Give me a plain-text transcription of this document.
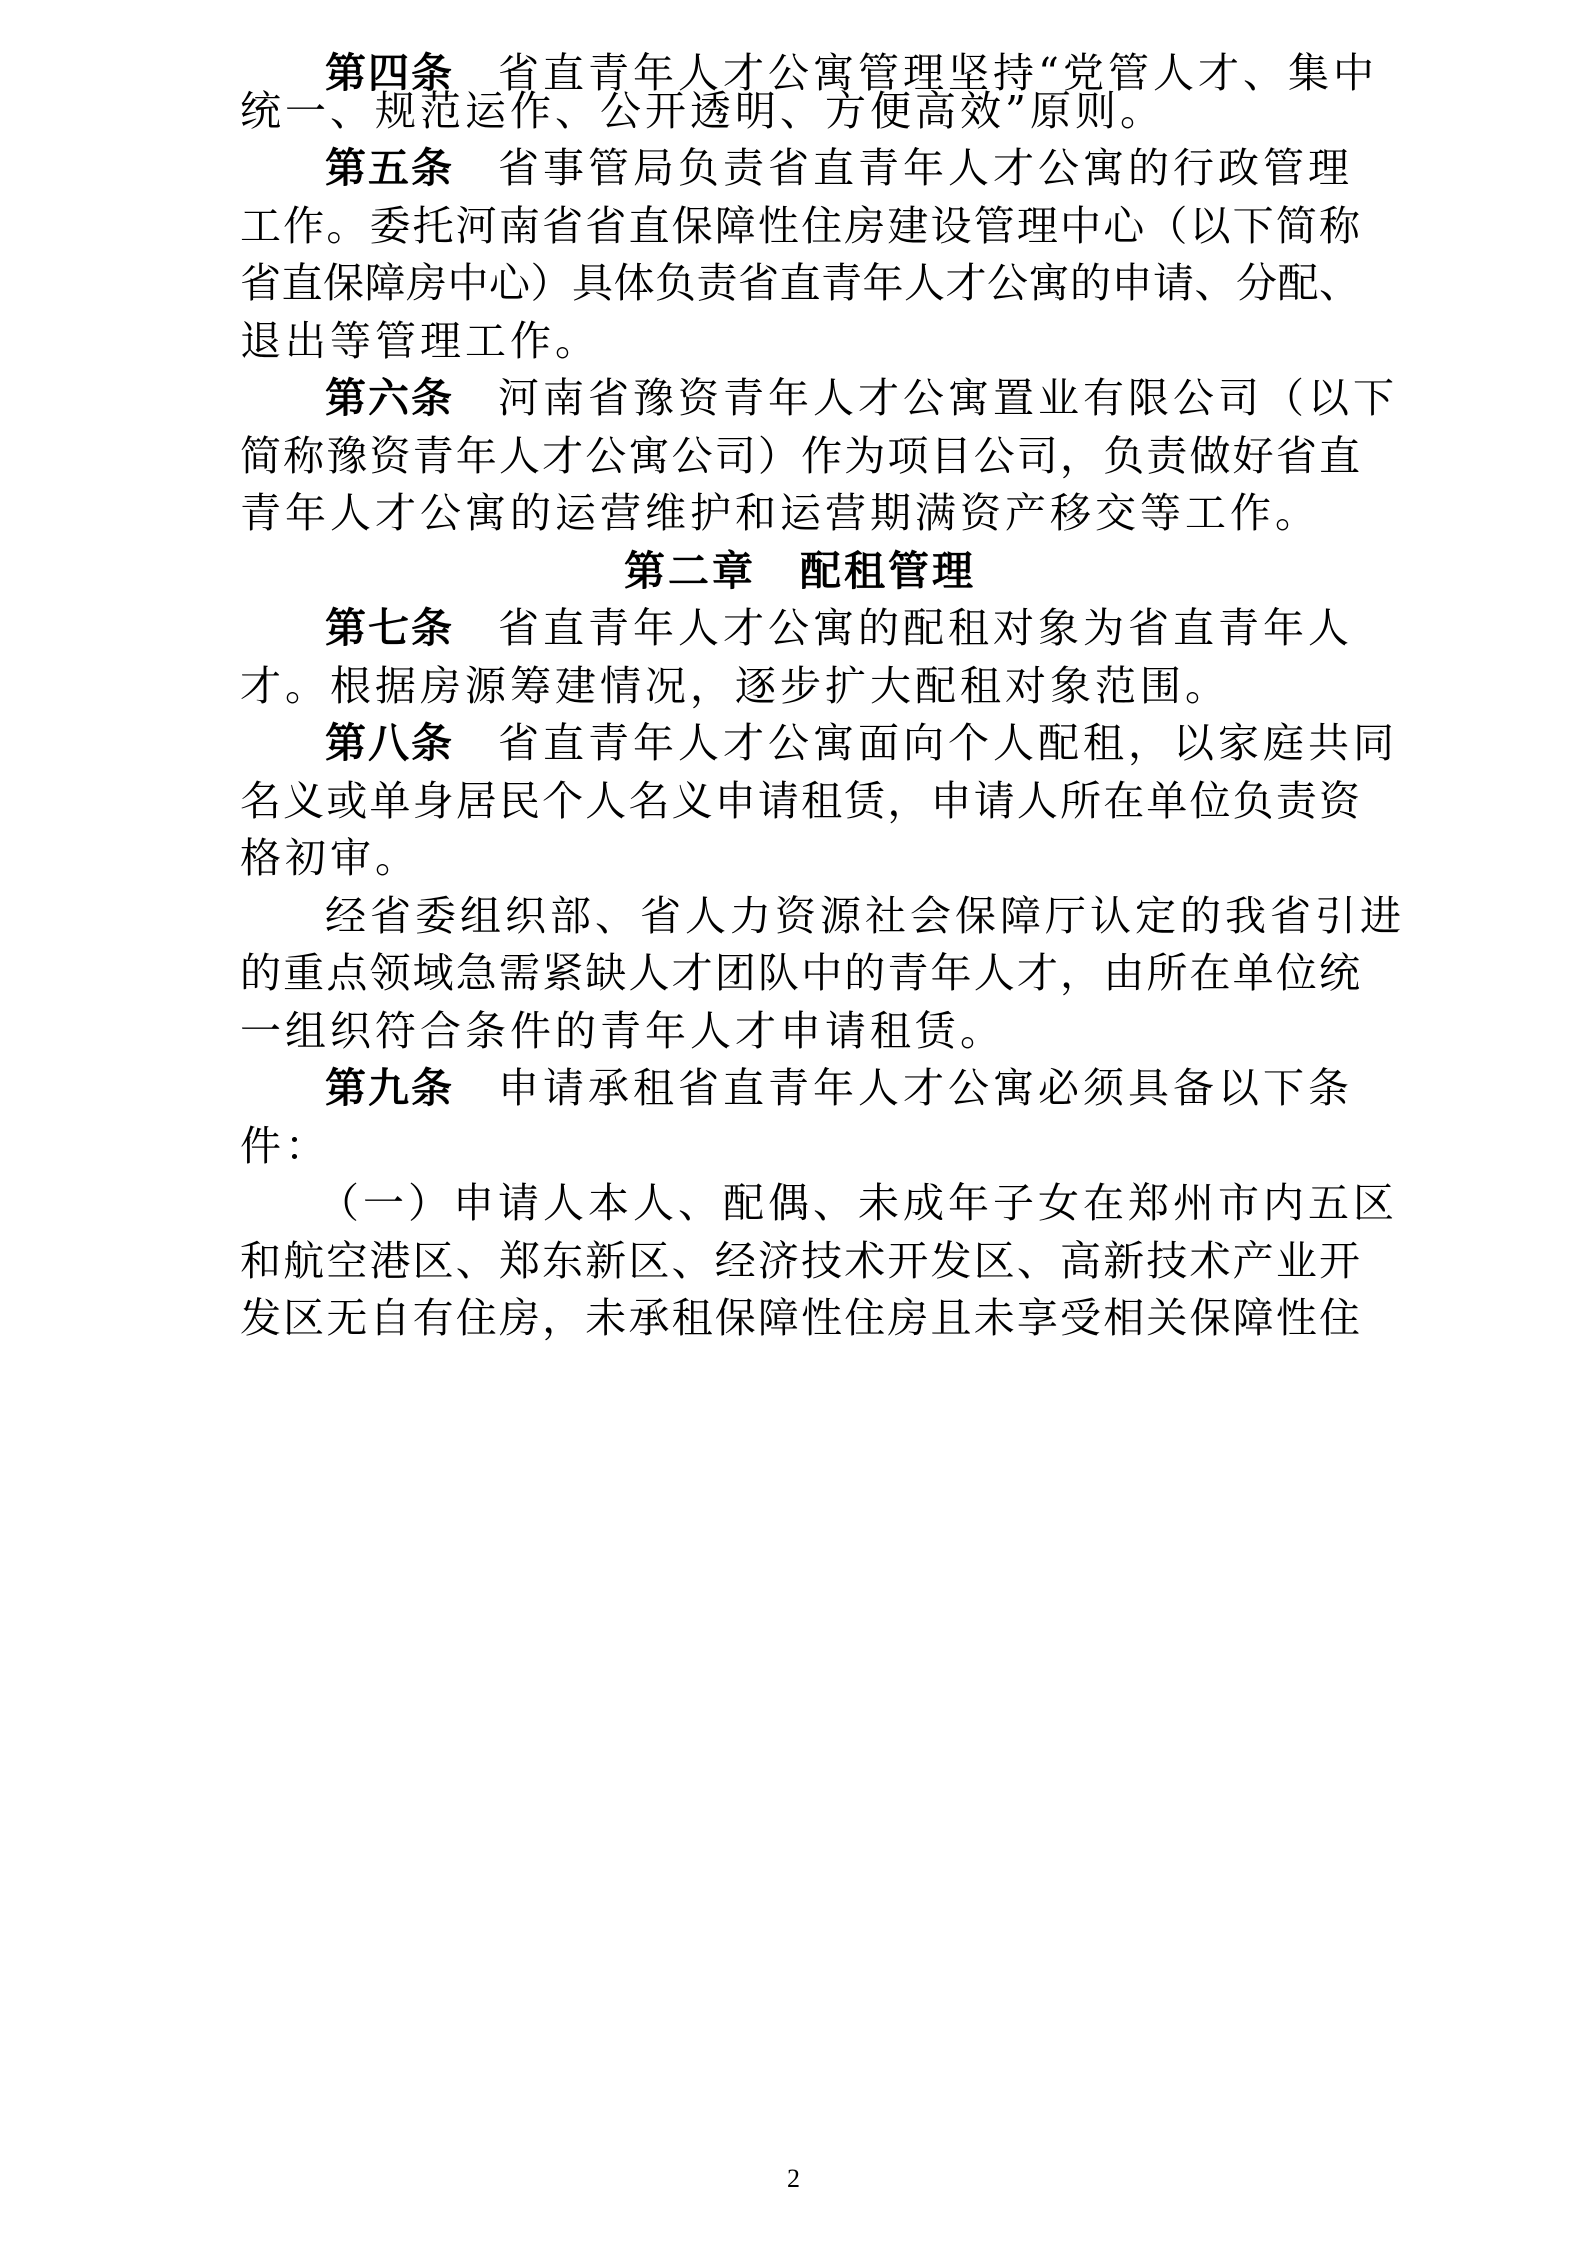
第四条 省直青年人才公寓管理坚持“党管人才、集中
统一、规范运作、公开透明、方便高效”原则。
第五条 省事管局负责省直青年人才公寓的行政管理
工作。委托河南省省直保障性住房建设管理中心（以下简称
省直保障房中心）具体负责省直青年人才公寓的申请、分配、
退出等管理工作。
第六条 河南省豫资青年人才公寓置业有限公司（以下
简称豫资青年人才公寓公司）作为项目公司，负责做好省直
青年人才公寓的运营维护和运营期满资产移交等工作。
第二章 配租管理
第七条 省直青年人才公寓的配租对象为省直青年人
才。根据房源筹建情况，逐步扩大配租对象范围。
第八条 省直青年人才公寓面向个人配租，以家庭共同
名义或单身居民个人名义申请租赁，申请人所在单位负责资
格初审。
经省委组织部、省人力资源社会保障厅认定的我省引进
的重点领域急需紧缺人才团队中的青年人才，由所在单位统
一组织符合条件的青年人才申请租赁。
第九条 申请承租省直青年人才公寓必须具备以下条
件：
（一）申请人本人、配偶、未成年子女在郑州市内五区
和航空港区、郑东新区、经济技术开发区、高新技术产业开
发区无自有住房，未承租保障性住房且未享受相关保障性住
2
